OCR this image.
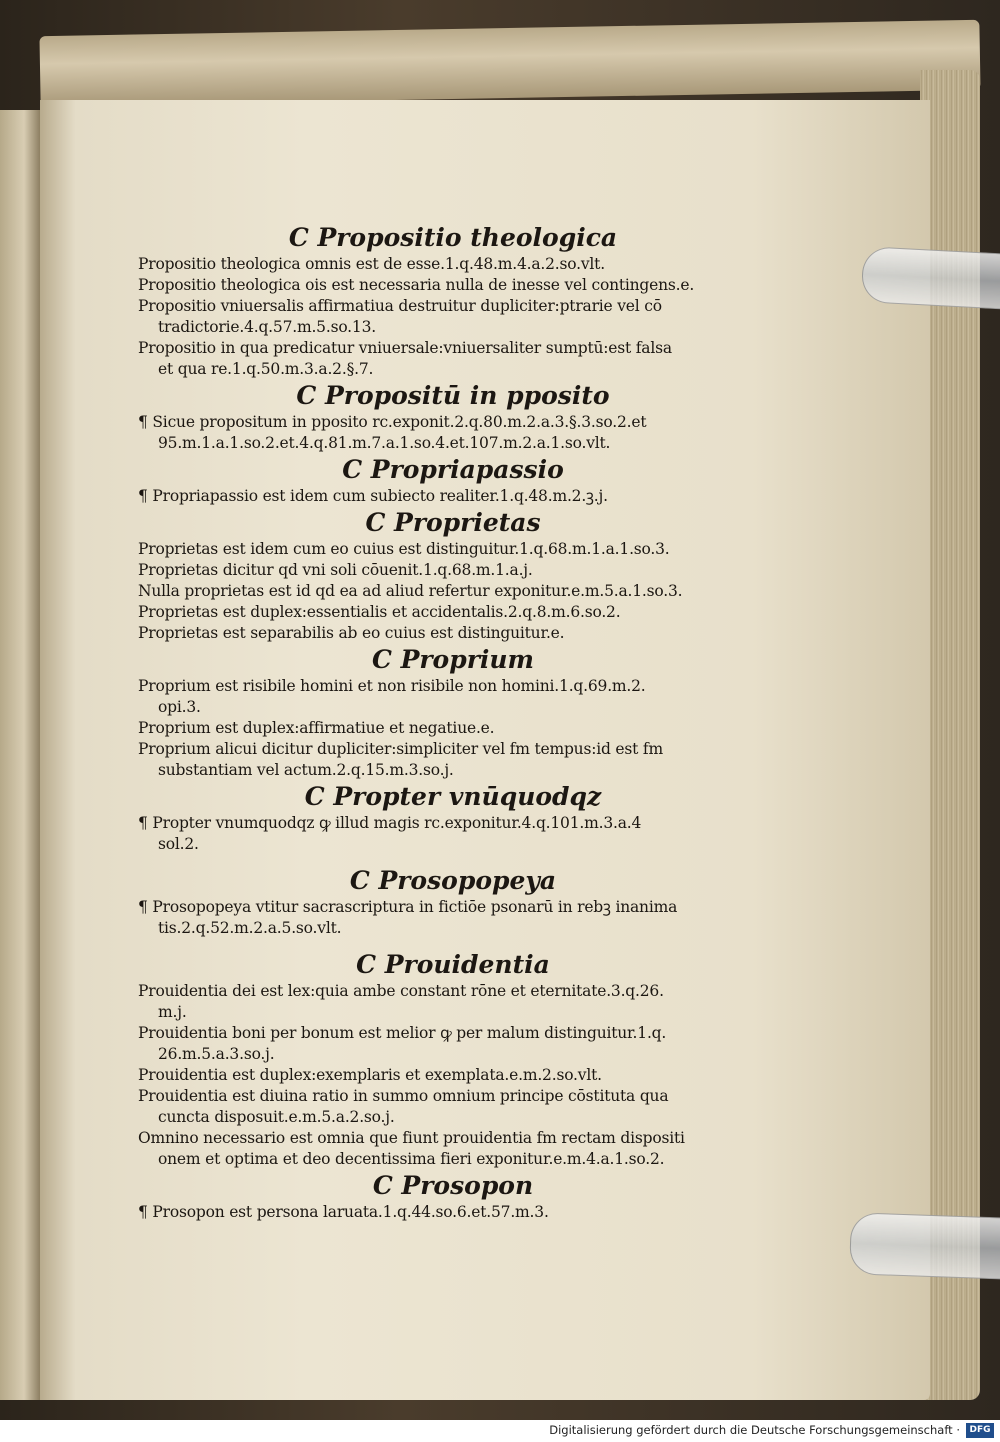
C Propositio theologica
Propositio theologica omnis est de esse.1.q.48.m.4.a.2.so.vlt.
Propositio theologica ois est necessaria nulla de inesse vel contingens.e.
Propositio vniuersalis affirmatiua destruitur dupliciter:ptrarie vel cō
tradictorie.4.q.57.m.5.so.13.
Propositio in qua predicatur vniuersale:vniuersaliter sumptū:est falsa
et qua re.1.q.50.m.3.a.2.§.7.
C Propositū in pposito
¶ Sicue propositum in pposito rc.exponit.2.q.80.m.2.a.3.§.3.so.2.et
95.m.1.a.1.so.2.et.4.q.81.m.7.a.1.so.4.et.107.m.2.a.1.so.vlt.
C Propriapassio
¶ Propriapassio est idem cum subiecto realiter.1.q.48.m.2.ꝫ.j.
C Proprietas
Proprietas est idem cum eo cuius est distinguitur.1.q.68.m.1.a.1.so.3.
Proprietas dicitur qd vni soli cōuenit.1.q.68.m.1.a.j.
Nulla proprietas est id qd ea ad aliud refertur exponitur.e.m.5.a.1.so.3.
Proprietas est duplex:essentialis et accidentalis.2.q.8.m.6.so.2.
Proprietas est separabilis ab eo cuius est distinguitur.e.
C Proprium
Proprium est risibile homini et non risibile non homini.1.q.69.m.2.
opi.3.
Proprium est duplex:affirmatiue et negatiue.e.
Proprium alicui dicitur dupliciter:simpliciter vel fm tempus:id est fm
substantiam vel actum.2.q.15.m.3.so.j.
C Propter vnūquodqz
¶ Propter vnumquodqz ꝙ illud magis rc.exponitur.4.q.101.m.3.a.4
sol.2.
C Prosopopeya
¶ Prosopopeya vtitur sacrascriptura in fictiōe psonarū in rebꝫ inanima
tis.2.q.52.m.2.a.5.so.vlt.
C Prouidentia
Prouidentia dei est lex:quia ambe constant rōne et eternitate.3.q.26.
m.j.
Prouidentia boni per bonum est melior ꝙ per malum distinguitur.1.q.
26.m.5.a.3.so.j.
Prouidentia est duplex:exemplaris et exemplata.e.m.2.so.vlt.
Prouidentia est diuina ratio in summo omnium principe cōstituta qua
cuncta disposuit.e.m.5.a.2.so.j.
Omnino necessario est omnia que fiunt prouidentia fm rectam dispositi
onem et optima et deo decentissima fieri exponitur.e.m.4.a.1.so.2.
C Prosopon
¶ Prosopon est persona laruata.1.q.44.so.6.et.57.m.3.
Digitalisierung gefördert durch die Deutsche Forschungsgemeinschaft ·	DFG
